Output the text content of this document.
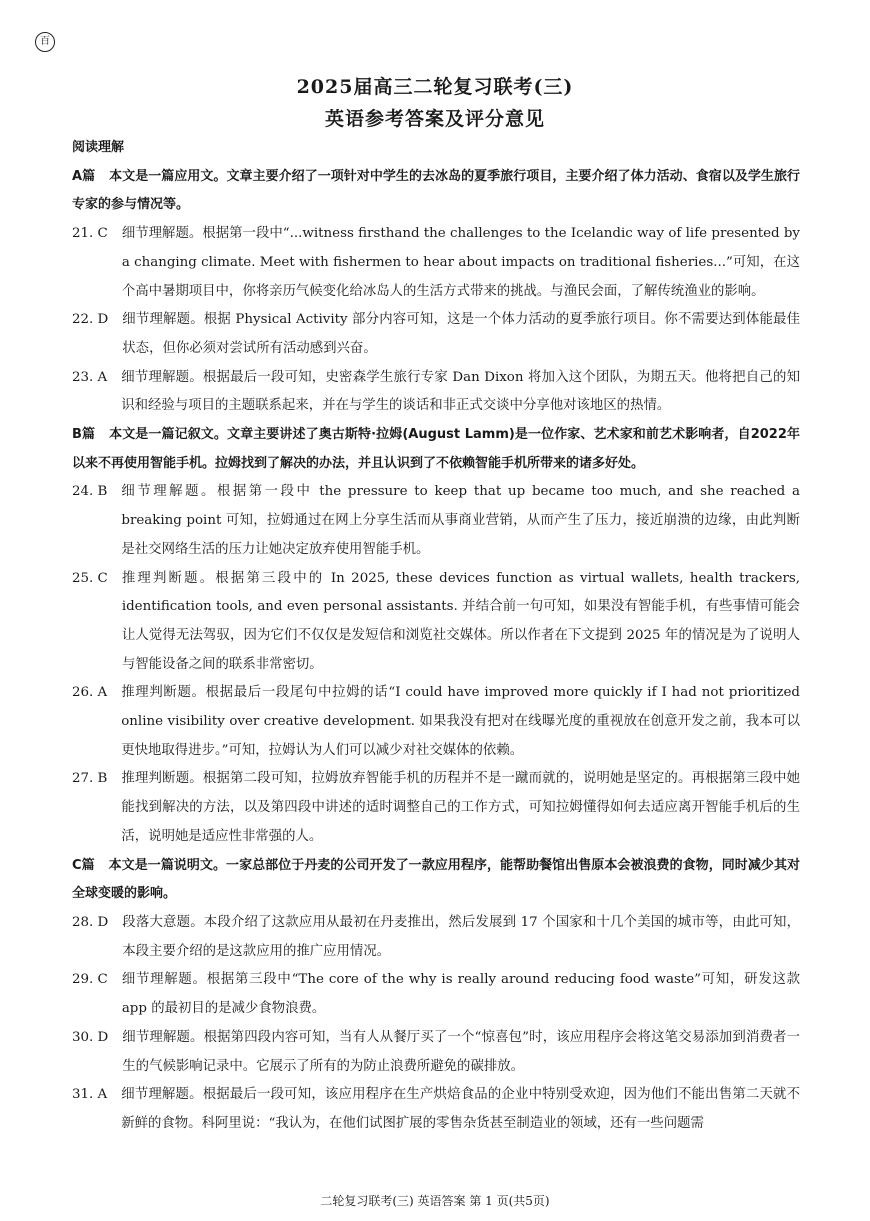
百
2025届高三二轮复习联考(三)
英语参考答案及评分意见
阅读理解
A篇 本文是一篇应用文。文章主要介绍了一项针对中学生的去冰岛的夏季旅行项目，主要介绍了体力活动、食宿以及学生旅行专家的参与情况等。
21. C 细节理解题。根据第一段中“...witness firsthand the challenges to the Icelandic way of life presented by a changing climate. Meet with fishermen to hear about impacts on traditional fisheries...”可知，在这个高中暑期项目中，你将亲历气候变化给冰岛人的生活方式带来的挑战。与渔民会面，了解传统渔业的影响。
22. D 细节理解题。根据 Physical Activity 部分内容可知，这是一个体力活动的夏季旅行项目。你不需要达到体能最佳状态，但你必须对尝试所有活动感到兴奋。
23. A 细节理解题。根据最后一段可知，史密森学生旅行专家 Dan Dixon 将加入这个团队，为期五天。他将把自己的知识和经验与项目的主题联系起来，并在与学生的谈话和非正式交谈中分享他对该地区的热情。
B篇 本文是一篇记叙文。文章主要讲述了奥古斯特·拉姆(August Lamm)是一位作家、艺术家和前艺术影响者，自2022年以来不再使用智能手机。拉姆找到了解决的办法，并且认识到了不依赖智能手机所带来的诸多好处。
24. B 细节理解题。根据第一段中 the pressure to keep that up became too much, and she reached a breaking point 可知，拉姆通过在网上分享生活而从事商业营销，从而产生了压力，接近崩溃的边缘，由此判断是社交网络生活的压力让她决定放弃使用智能手机。
25. C 推理判断题。根据第三段中的 In 2025, these devices function as virtual wallets, health trackers, identification tools, and even personal assistants. 并结合前一句可知，如果没有智能手机，有些事情可能会让人觉得无法驾驭，因为它们不仅仅是发短信和浏览社交媒体。所以作者在下文提到 2025 年的情况是为了说明人与智能设备之间的联系非常密切。
26. A 推理判断题。根据最后一段尾句中拉姆的话“I could have improved more quickly if I had not prioritized online visibility over creative development. 如果我没有把对在线曝光度的重视放在创意开发之前，我本可以更快地取得进步。”可知，拉姆认为人们可以减少对社交媒体的依赖。
27. B 推理判断题。根据第二段可知，拉姆放弃智能手机的历程并不是一蹴而就的，说明她是坚定的。再根据第三段中她能找到解决的方法，以及第四段中讲述的适时调整自己的工作方式，可知拉姆懂得如何去适应离开智能手机后的生活，说明她是适应性非常强的人。
C篇 本文是一篇说明文。一家总部位于丹麦的公司开发了一款应用程序，能帮助餐馆出售原本会被浪费的食物，同时减少其对全球变暖的影响。
28. D 段落大意题。本段介绍了这款应用从最初在丹麦推出，然后发展到 17 个国家和十几个美国的城市等，由此可知，本段主要介绍的是这款应用的推广应用情况。
29. C 细节理解题。根据第三段中“The core of the why is really around reducing food waste”可知，研发这款 app 的最初目的是减少食物浪费。
30. D 细节理解题。根据第四段内容可知，当有人从餐厅买了一个“惊喜包”时，该应用程序会将这笔交易添加到消费者一生的气候影响记录中。它展示了所有的为防止浪费所避免的碳排放。
31. A 细节理解题。根据最后一段可知，该应用程序在生产烘焙食品的企业中特别受欢迎，因为他们不能出售第二天就不新鲜的食物。科阿里说：“我认为，在他们试图扩展的零售杂货甚至制造业的领域，还有一些问题需
二轮复习联考(三) 英语答案 第 1 页(共5页)
